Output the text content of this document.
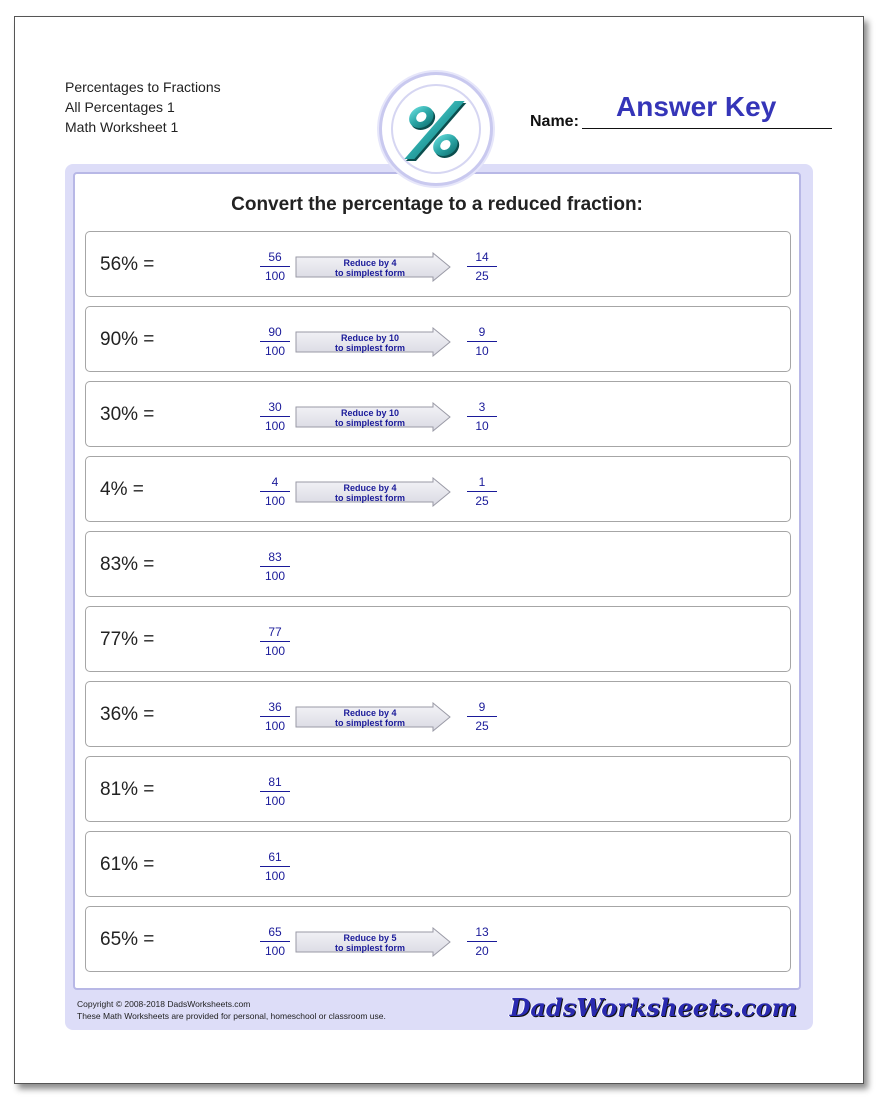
Percentages to Fractions
All Percentages 1
Math Worksheet 1	Name: Answer Key
Convert the percentage to a reduced fraction:
56% =	56
100
Reduce by 4
to simplest form
14
25
90% =	90
100
Reduce by 10
to simplest form
9
10
30% =	30
100
Reduce by 10
to simplest form
3
10
4% =	4
100
Reduce by 4
to simplest form
1
25
83% =	83
100
77% =	77
100
36% =	36
100
Reduce by 4
to simplest form
9
25
81% =	81
100
61% =	61
100
65% =	65
100
Reduce by 5
to simplest form
13
20
Copyright © 2008-2018 DadsWorksheets.com
These Math Worksheets are provided for personal, homeschool or classroom use.	DadsWorksheets.com
